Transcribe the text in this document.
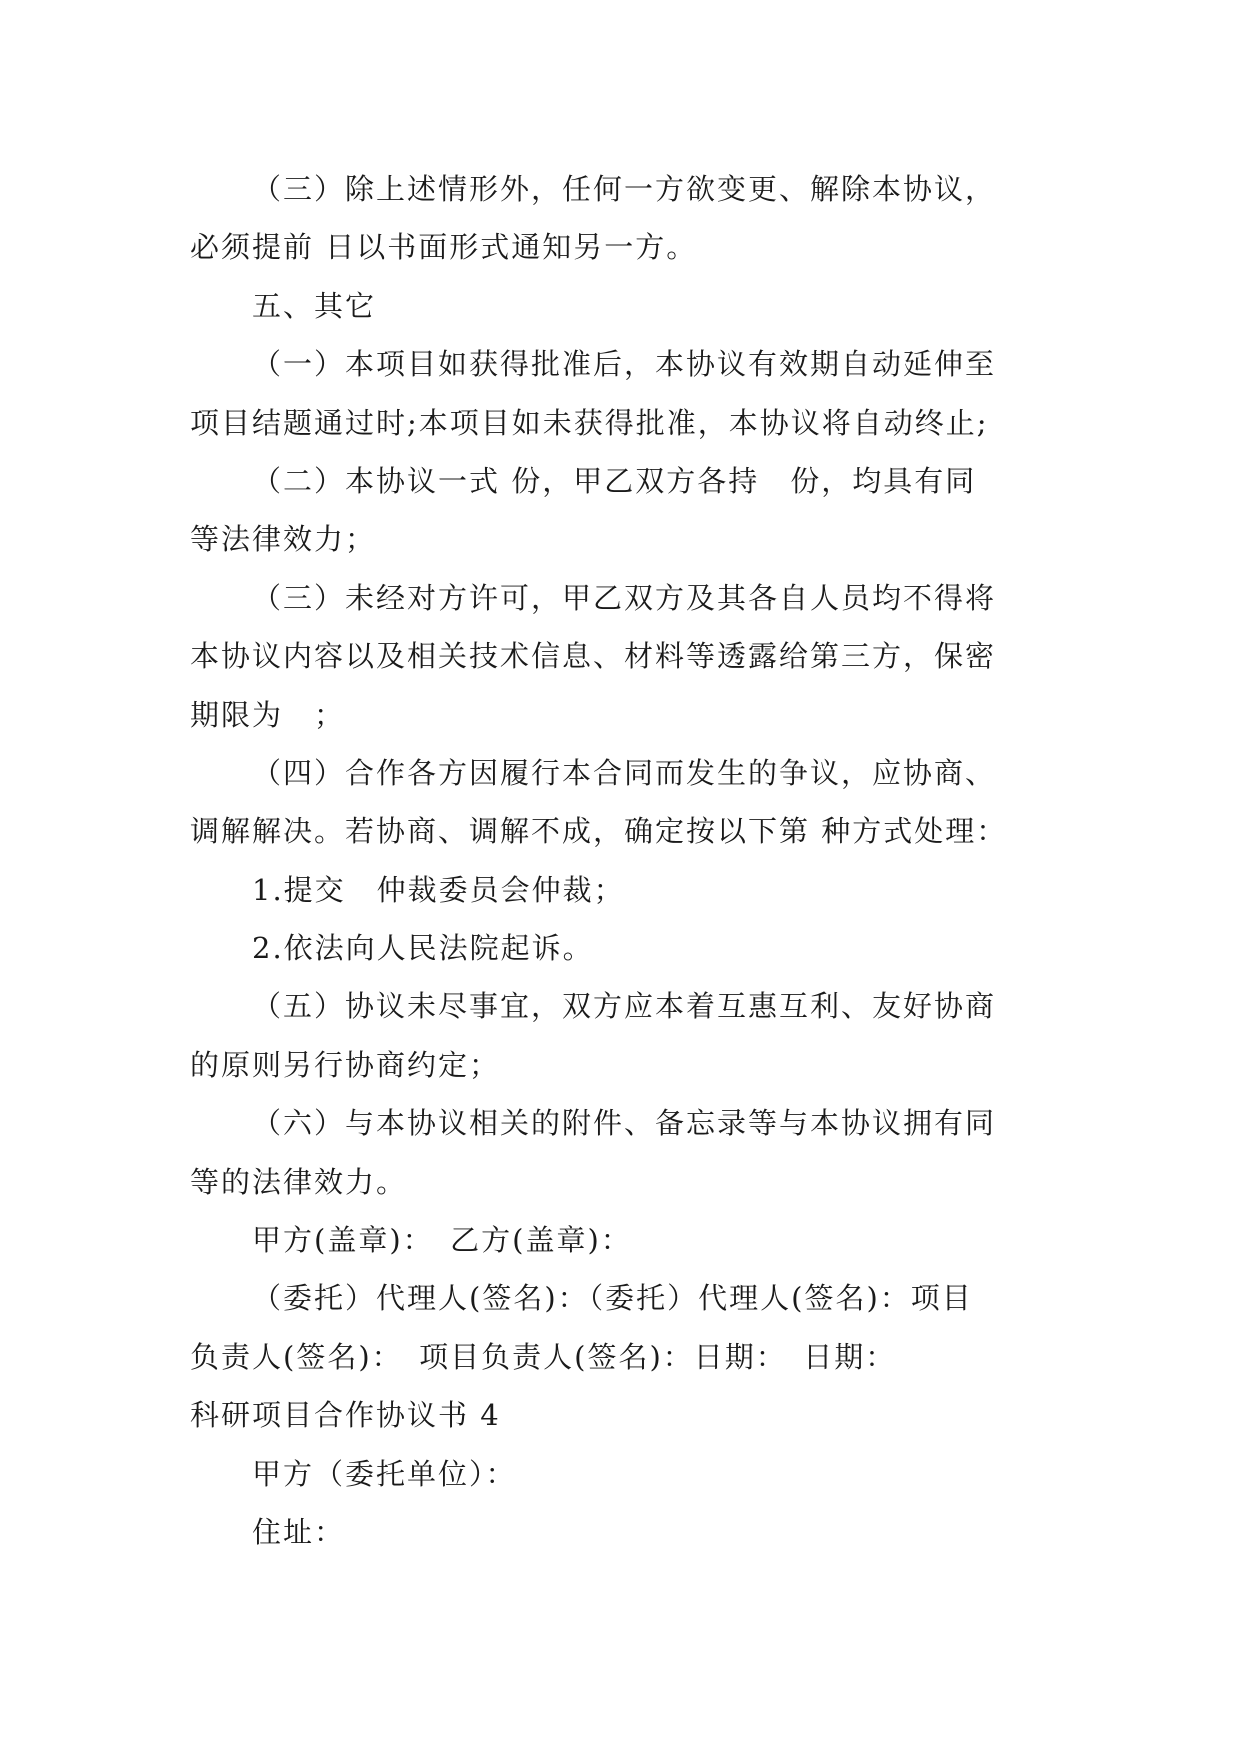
（三）除上述情形外，任何一方欲变更、解除本协议，
必须提前 日以书面形式通知另一方。
五、其它
（一）本项目如获得批准后，本协议有效期自动延伸至
项目结题通过时;本项目如未获得批准，本协议将自动终止;
（二）本协议一式 份，甲乙双方各持　份，均具有同
等法律效力；
（三）未经对方许可，甲乙双方及其各自人员均不得将
本协议内容以及相关技术信息、材料等透露给第三方，保密
期限为　；
（四）合作各方因履行本合同而发生的争议，应协商、
调解解决。若协商、调解不成，确定按以下第 种方式处理：
1.提交　仲裁委员会仲裁；
2.依法向人民法院起诉。
（五）协议未尽事宜，双方应本着互惠互利、友好协商
的原则另行协商约定；
（六）与本协议相关的附件、备忘录等与本协议拥有同
等的法律效力。
甲方(盖章)：　乙方(盖章)：
（委托）代理人(签名)：（委托）代理人(签名)：项目
负责人(签名)：　项目负责人(签名)：日期：　日期：
科研项目合作协议书 4
甲方（委托单位）：
住址：
